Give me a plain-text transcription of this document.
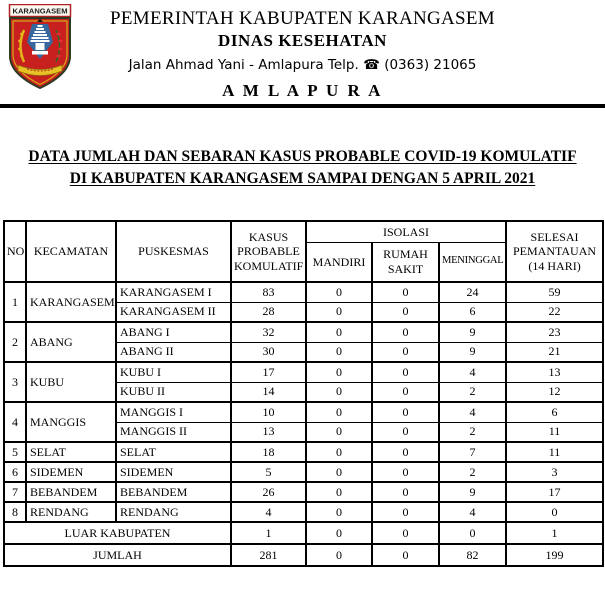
KARANGASEM	PEMERINTAH KABUPATEN KARANGASEM
DINAS KESEHATAN
Jalan Ahmad Yani - Amlapura Telp. ☎ (0363) 21065
A M L A P U R A
DATA JUMLAH DAN SEBARAN KASUS PROBABLE COVID-19 KOMULATIF
DI KABUPATEN KARANGASEM SAMPAI DENGAN 5 APRIL 2021
NO	KECAMATAN	PUSKESMAS	KASUS PROBABLE KOMULATIF	ISOLASI			SELESAI PEMANTAUAN (14 HARI)
				MANDIRI	RUMAH SAKIT	MENINGGAL	
1	KARANGASEM	KARANGASEM I	83	0	0	24	59
		KARANGASEM II	28	0	0	6	22
2	ABANG	ABANG I	32	0	0	9	23
		ABANG II	30	0	0	9	21
3	KUBU	KUBU I	17	0	0	4	13
		KUBU II	14	0	0	2	12
4	MANGGIS	MANGGIS I	10	0	0	4	6
		MANGGIS II	13	0	0	2	11
5	SELAT	SELAT	18	0	0	7	11
6	SIDEMEN	SIDEMEN	5	0	0	2	3
7	BEBANDEM	BEBANDEM	26	0	0	9	17
8	RENDANG	RENDANG	4	0	0	4	0
LUAR KABUPATEN			1	0	0	0	1
JUMLAH			281	0	0	82	199
